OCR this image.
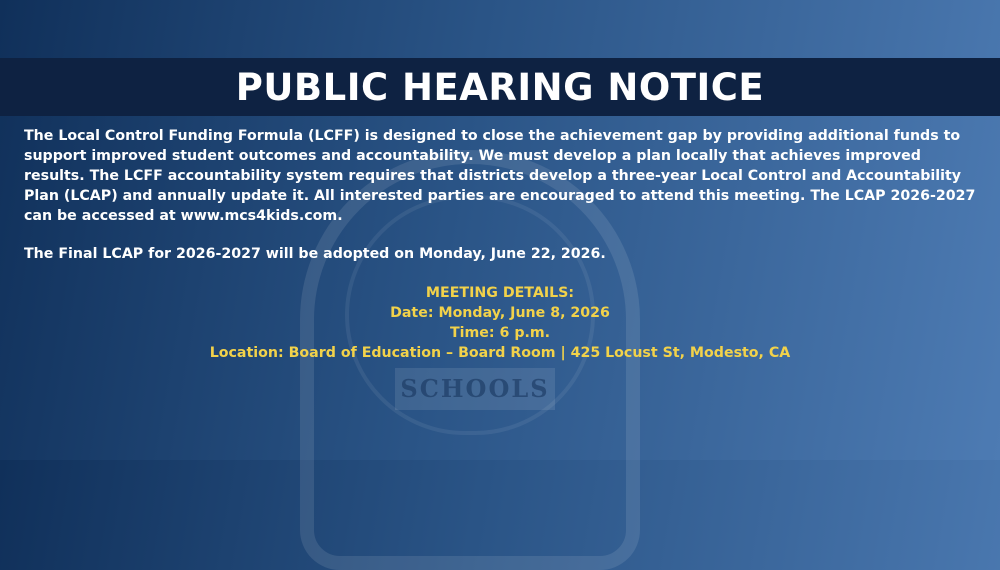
SCHOOLS
PUBLIC HEARING NOTICE
The Local Control Funding Formula (LCFF) is designed to close the achievement gap by providing additional funds to support improved student outcomes and accountability. We must develop a plan locally that achieves improved results. The LCFF accountability system requires that districts develop a three-year Local Control and Accountability Plan (LCAP) and annually update it. All interested parties are encouraged to attend this meeting. The LCAP 2026-2027 can be accessed at www.mcs4kids.com.
The Final LCAP for 2026-2027 will be adopted on Monday, June 22, 2026.
MEETING DETAILS:
Date: Monday, June 8, 2026
Time: 6 p.m.
Location: Board of Education – Board Room | 425 Locust St, Modesto, CA
